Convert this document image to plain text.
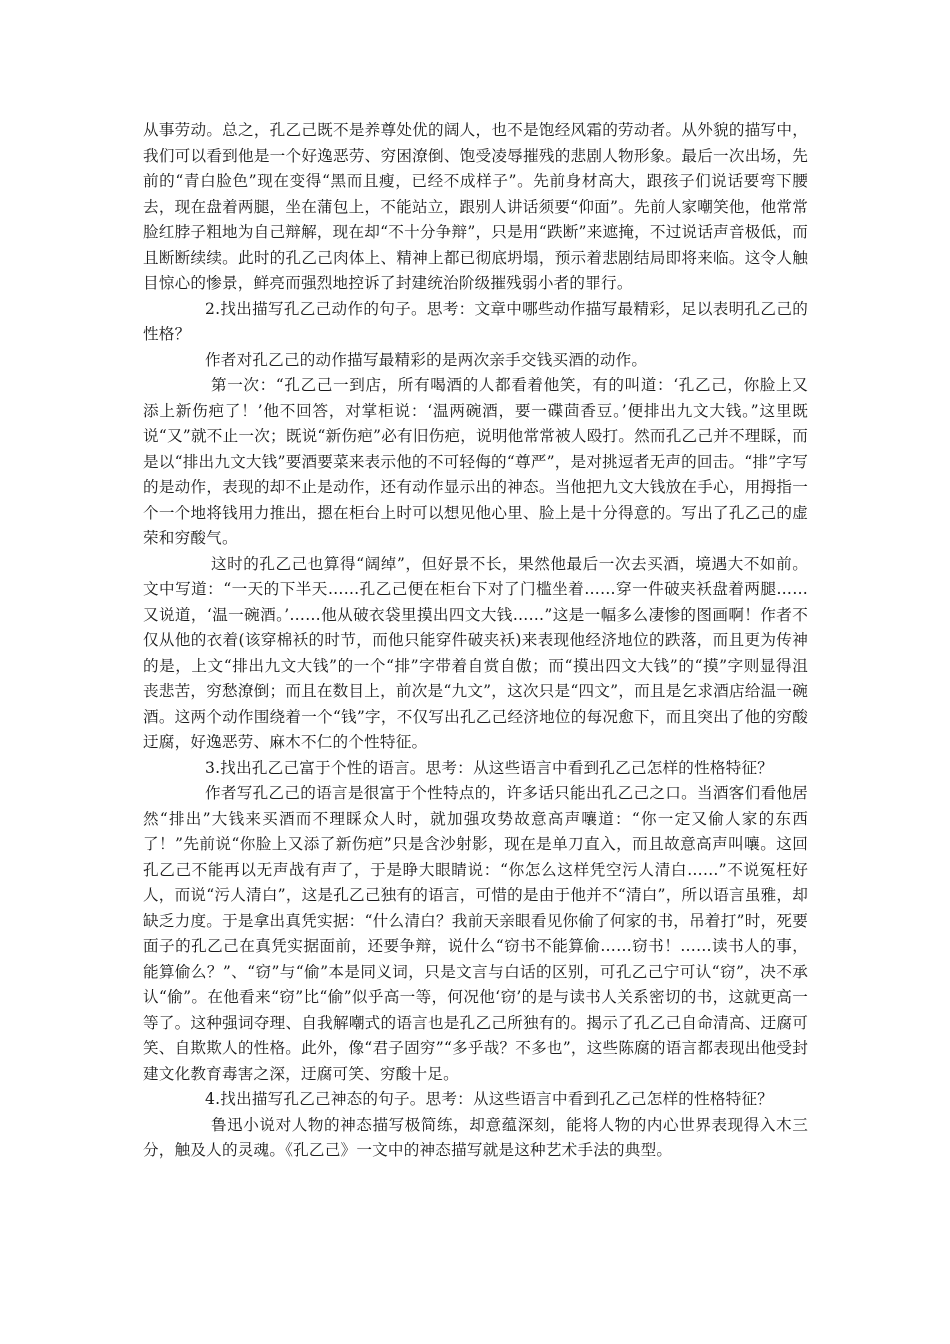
从事劳动。总之，孔乙己既不是养尊处优的阔人，也不是饱经风霜的劳动者。从外貌的描写中，我们可以看到他是一个好逸恶劳、穷困潦倒、饱受凌辱摧残的悲剧人物形象。最后一次出场，先前的“青白脸色”现在变得“黑而且瘦，已经不成样子”。先前身材高大，跟孩子们说话要弯下腰去，现在盘着两腿，坐在蒲包上，不能站立，跟别人讲话须要“仰面”。先前人家嘲笑他，他常常脸红脖子粗地为自己辩解，现在却“不十分争辩”，只是用“跌断”来遮掩，不过说话声音极低，而且断断续续。此时的孔乙己肉体上、精神上都已彻底坍塌，预示着悲剧结局即将来临。这令人触目惊心的惨景，鲜亮而强烈地控诉了封建统治阶级摧残弱小者的罪行。

2.找出描写孔乙己动作的句子。思考：文章中哪些动作描写最精彩，足以表明孔乙己的性格？

作者对孔乙己的动作描写最精彩的是两次亲手交钱买酒的动作。

第一次：“孔乙己一到店，所有喝酒的人都看着他笑，有的叫道：‘孔乙己，你脸上又添上新伤疤了！’他不回答，对掌柜说：‘温两碗酒，要一碟茴香豆。’便排出九文大钱。”这里既说“又”就不止一次；既说“新伤疤”必有旧伤疤，说明他常常被人殴打。然而孔乙己并不理睬，而是以“排出九文大钱”要酒要菜来表示他的不可轻侮的“尊严”，是对挑逗者无声的回击。“排”字写的是动作，表现的却不止是动作，还有动作显示出的神态。当他把九文大钱放在手心，用拇指一个一个地将钱用力推出，摁在柜台上时可以想见他心里、脸上是十分得意的。写出了孔乙己的虚荣和穷酸气。

这时的孔乙己也算得“阔绰”，但好景不长，果然他最后一次去买酒，境遇大不如前。文中写道：“一天的下半天……孔乙己便在柜台下对了门槛坐着……穿一件破夹袄盘着两腿……又说道，‘温一碗酒。’……他从破衣袋里摸出四文大钱……”这是一幅多么凄惨的图画啊！作者不仅从他的衣着(该穿棉袄的时节，而他只能穿件破夹袄)来表现他经济地位的跌落，而且更为传神的是，上文“排出九文大钱”的一个“排”字带着自赏自傲；而“摸出四文大钱”的“摸”字则显得沮丧悲苦，穷愁潦倒；而且在数目上，前次是“九文”，这次只是“四文”，而且是乞求酒店给温一碗酒。这两个动作围绕着一个“钱”字，不仅写出孔乙己经济地位的每况愈下，而且突出了他的穷酸迂腐，好逸恶劳、麻木不仁的个性特征。

3.找出孔乙己富于个性的语言。思考：从这些语言中看到孔乙己怎样的性格特征？

作者写孔乙己的语言是很富于个性特点的，许多话只能出孔乙己之口。当酒客们看他居然“排出”大钱来买酒而不理睬众人时，就加强攻势故意高声嚷道：“你一定又偷人家的东西了！”先前说“你脸上又添了新伤疤”只是含沙射影，现在是单刀直入，而且故意高声叫嚷。这回孔乙己不能再以无声战有声了，于是睁大眼睛说：“你怎么这样凭空污人清白……”不说冤枉好人，而说“污人清白”，这是孔乙己独有的语言，可惜的是由于他并不“清白”，所以语言虽雅，却缺乏力度。于是拿出真凭实据：“什么清白？我前天亲眼看见你偷了何家的书，吊着打”时，死要面子的孔乙己在真凭实据面前，还要争辩，说什么“窃书不能算偷……窃书！……读书人的事，能算偷么？”、“窃”与“偷”本是同义词，只是文言与白话的区别，可孔乙己宁可认“窃”，决不承认“偷”。在他看来“窃”比“偷”似乎高一等，何况他‘窃’的是与读书人关系密切的书，这就更高一等了。这种强词夺理、自我解嘲式的语言也是孔乙己所独有的。揭示了孔乙己自命清高、迂腐可笑、自欺欺人的性格。此外，像“君子固穷”“多乎哉？不多也”，这些陈腐的语言都表现出他受封建文化教育毒害之深，迂腐可笑、穷酸十足。

4.找出描写孔乙己神态的句子。思考：从这些语言中看到孔乙己怎样的性格特征？

鲁迅小说对人物的神态描写极简练，却意蕴深刻，能将人物的内心世界表现得入木三分，触及人的灵魂。《孔乙己》一文中的神态描写就是这种艺术手法的典型。
